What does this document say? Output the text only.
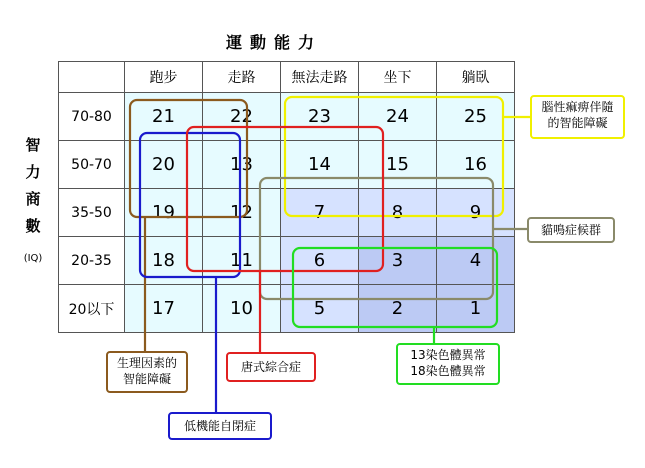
運動能力
智
力
商
數
(IQ)
	跑步	走路	無法走路	坐下	躺臥
70-80	21	22	23	24	25
50-70	20	13	14	15	16
35-50	19	12	7	8	9
20-35	18	11	6	3	4
20以下	17	10	5	2	1
腦性痲痹伴隨
的智能障礙
貓鳴症候群
生理因素的
智能障礙
唐式綜合症
13染色體異常
18染色體異常
低機能自閉症
